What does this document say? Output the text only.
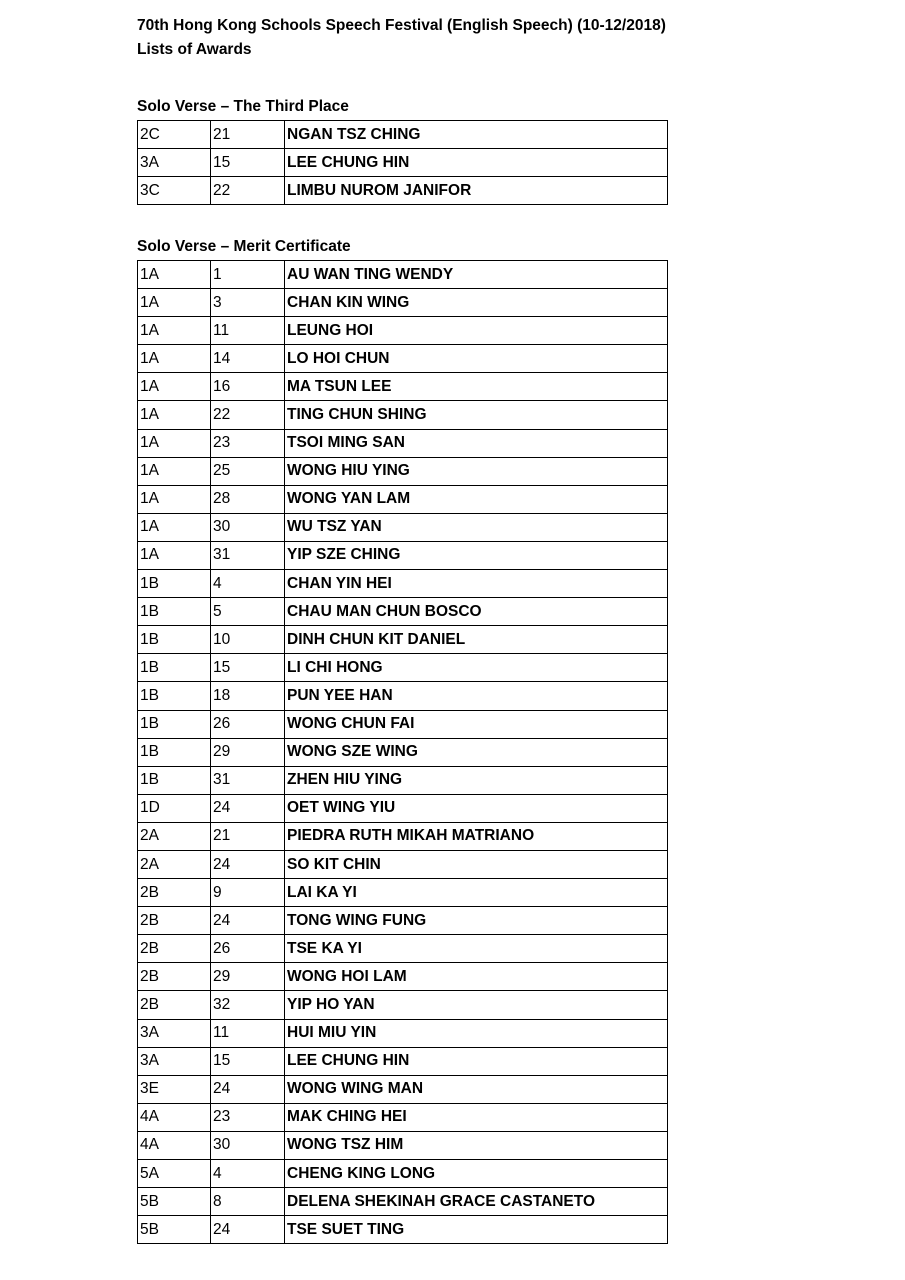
70th Hong Kong Schools Speech Festival (English Speech) (10-12/2018)
Lists of Awards
Solo Verse – The Third Place
2C	21	NGAN TSZ CHING
3A	15	LEE CHUNG HIN
3C	22	LIMBU NUROM JANIFOR
Solo Verse – Merit Certificate
1A	1	AU WAN TING WENDY
1A	3	CHAN KIN WING
1A	11	LEUNG HOI
1A	14	LO HOI CHUN
1A	16	MA TSUN LEE
1A	22	TING CHUN SHING
1A	23	TSOI MING SAN
1A	25	WONG HIU YING
1A	28	WONG YAN LAM
1A	30	WU TSZ YAN
1A	31	YIP SZE CHING
1B	4	CHAN YIN HEI
1B	5	CHAU MAN CHUN BOSCO
1B	10	DINH CHUN KIT DANIEL
1B	15	LI CHI HONG
1B	18	PUN YEE HAN
1B	26	WONG CHUN FAI
1B	29	WONG SZE WING
1B	31	ZHEN HIU YING
1D	24	OET WING YIU
2A	21	PIEDRA RUTH MIKAH MATRIANO
2A	24	SO KIT CHIN
2B	9	LAI KA YI
2B	24	TONG WING FUNG
2B	26	TSE KA YI
2B	29	WONG HOI LAM
2B	32	YIP HO YAN
3A	11	HUI MIU YIN
3A	15	LEE CHUNG HIN
3E	24	WONG WING MAN
4A	23	MAK CHING HEI
4A	30	WONG TSZ HIM
5A	4	CHENG KING LONG
5B	8	DELENA SHEKINAH GRACE CASTANETO
5B	24	TSE SUET TING
